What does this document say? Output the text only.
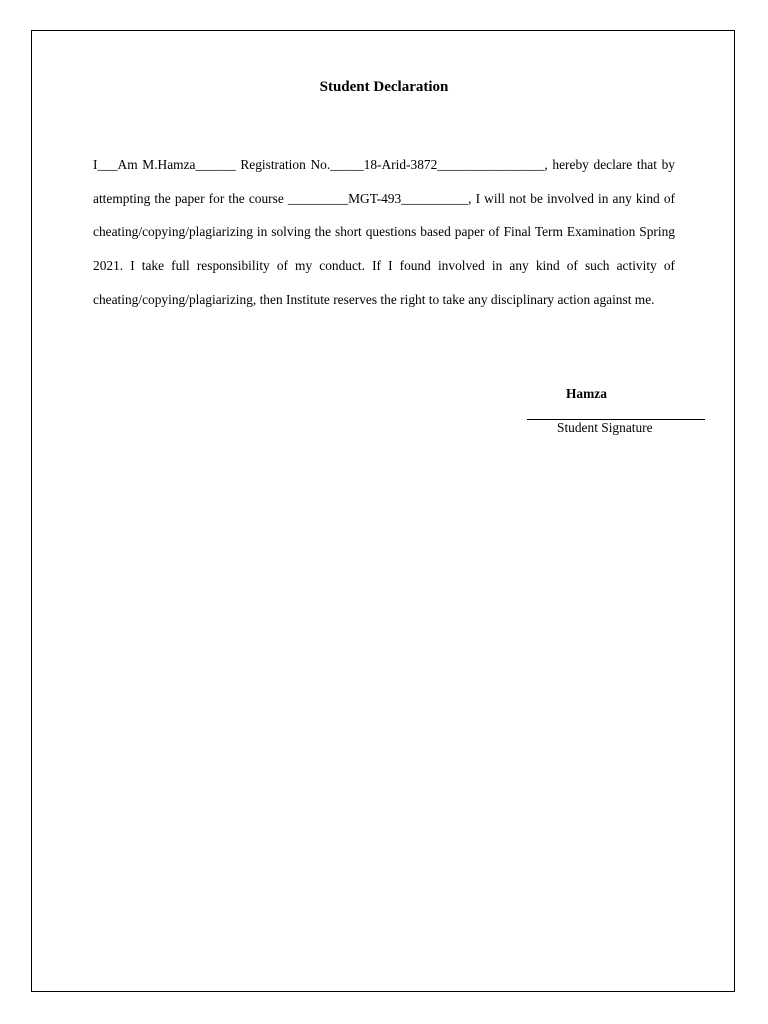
Student Declaration

I___Am M.Hamza______ Registration No._____18-Arid-3872________________, hereby declare that by attempting the paper for the course _________MGT-493__________, I will not be involved in any kind of cheating/copying/plagiarizing in solving the short questions based paper of Final Term Examination Spring 2021. I take full responsibility of my conduct. If I found involved in any kind of such activity of cheating/copying/plagiarizing, then Institute reserves the right to take any disciplinary action against me.

Hamza
Student Signature
